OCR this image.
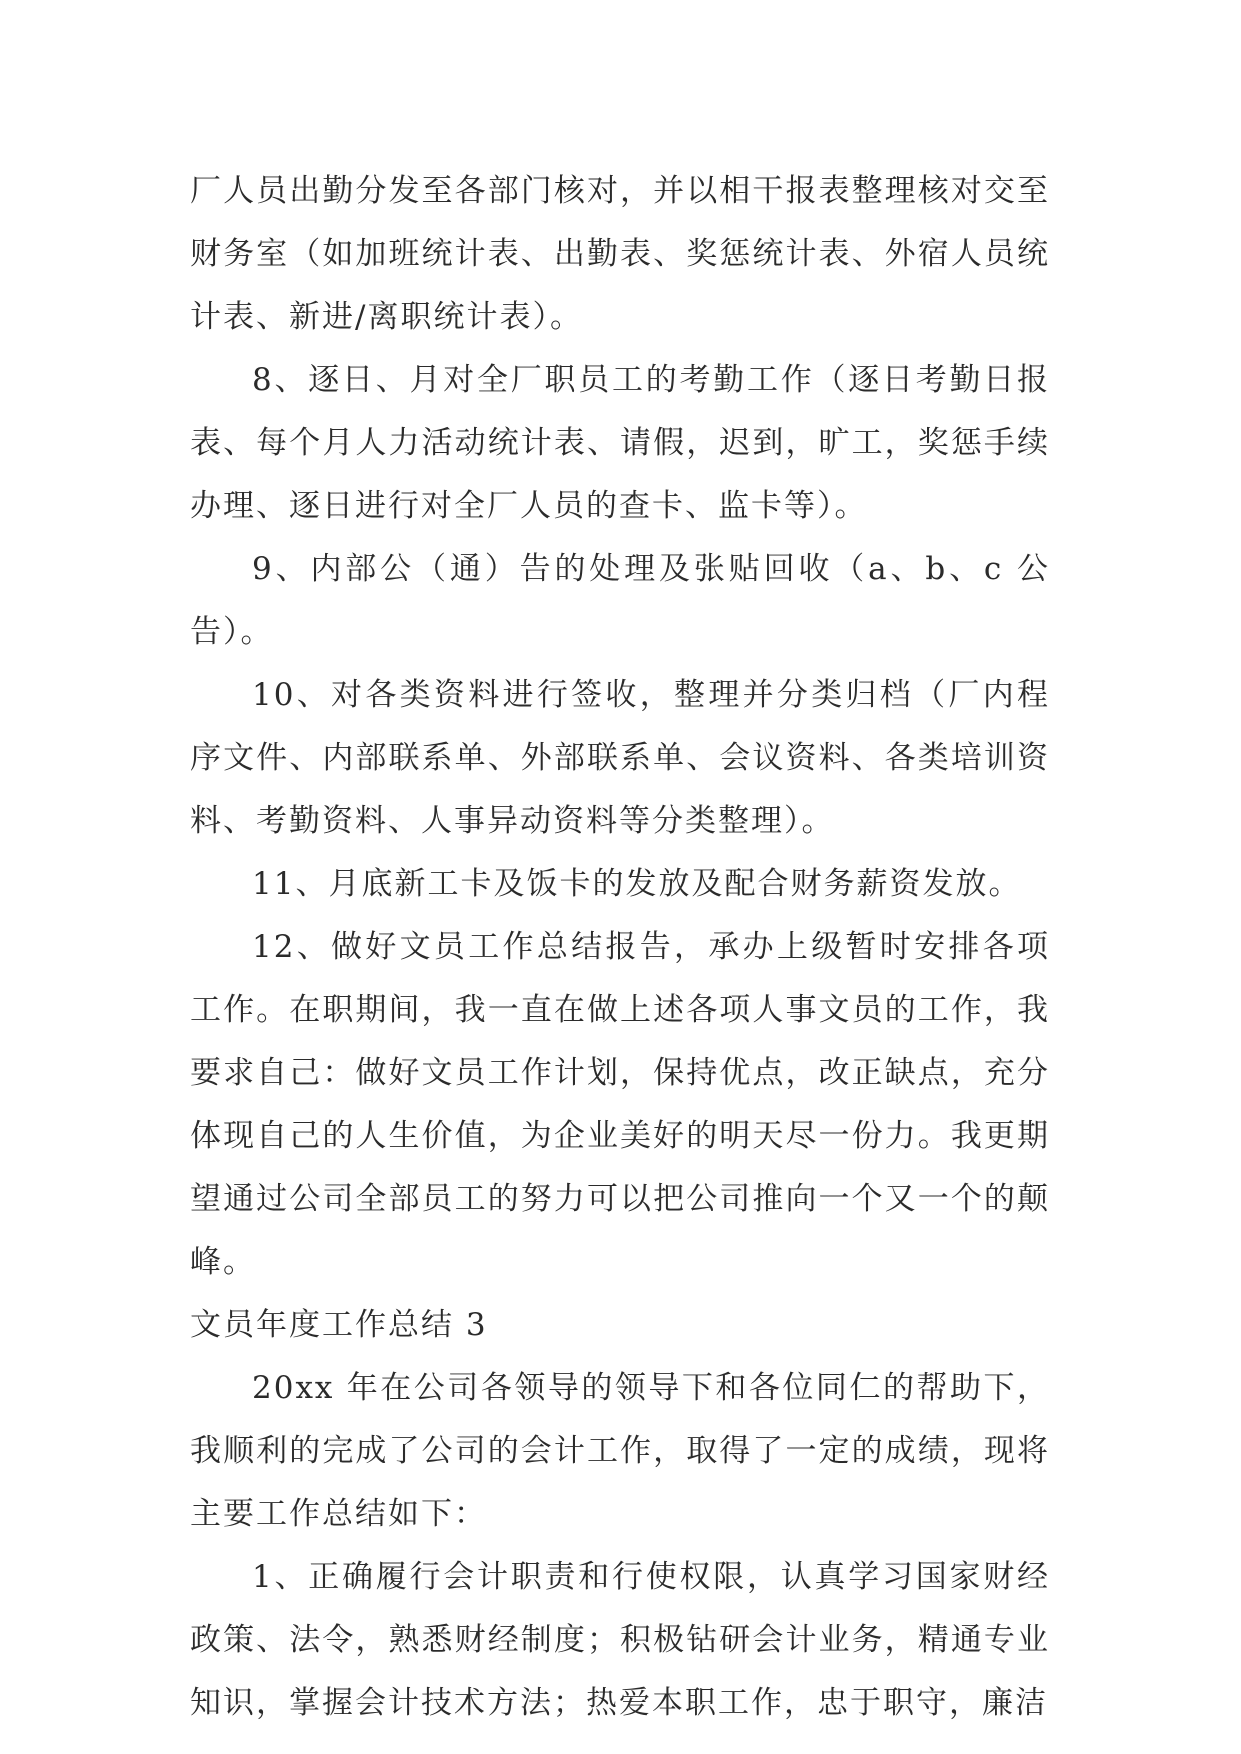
厂人员出勤分发至各部门核对，并以相干报表整理核对交至财务室（如加班统计表、出勤表、奖惩统计表、外宿人员统计表、新进/离职统计表）。

8、逐日、月对全厂职员工的考勤工作（逐日考勤日报表、每个月人力活动统计表、请假，迟到，旷工，奖惩手续办理、逐日进行对全厂人员的查卡、监卡等）。

9、内部公（通）告的处理及张贴回收（a、b、c 公告）。

10、对各类资料进行签收，整理并分类归档（厂内程序文件、内部联系单、外部联系单、会议资料、各类培训资料、考勤资料、人事异动资料等分类整理）。

11、月底新工卡及饭卡的发放及配合财务薪资发放。

12、做好文员工作总结报告，承办上级暂时安排各项工作。在职期间，我一直在做上述各项人事文员的工作，我要求自己：做好文员工作计划，保持优点，改正缺点，充分体现自己的人生价值，为企业美好的明天尽一份力。我更期望通过公司全部员工的努力可以把公司推向一个又一个的颠峰。

文员年度工作总结 3

20xx 年在公司各领导的领导下和各位同仁的帮助下，我顺利的完成了公司的会计工作，取得了一定的成绩，现将主要工作总结如下：

1、正确履行会计职责和行使权限，认真学习国家财经政策、法令，熟悉财经制度；积极钻研会计业务，精通专业知识，掌握会计技术方法；热爱本职工作，忠于职守，廉洁
